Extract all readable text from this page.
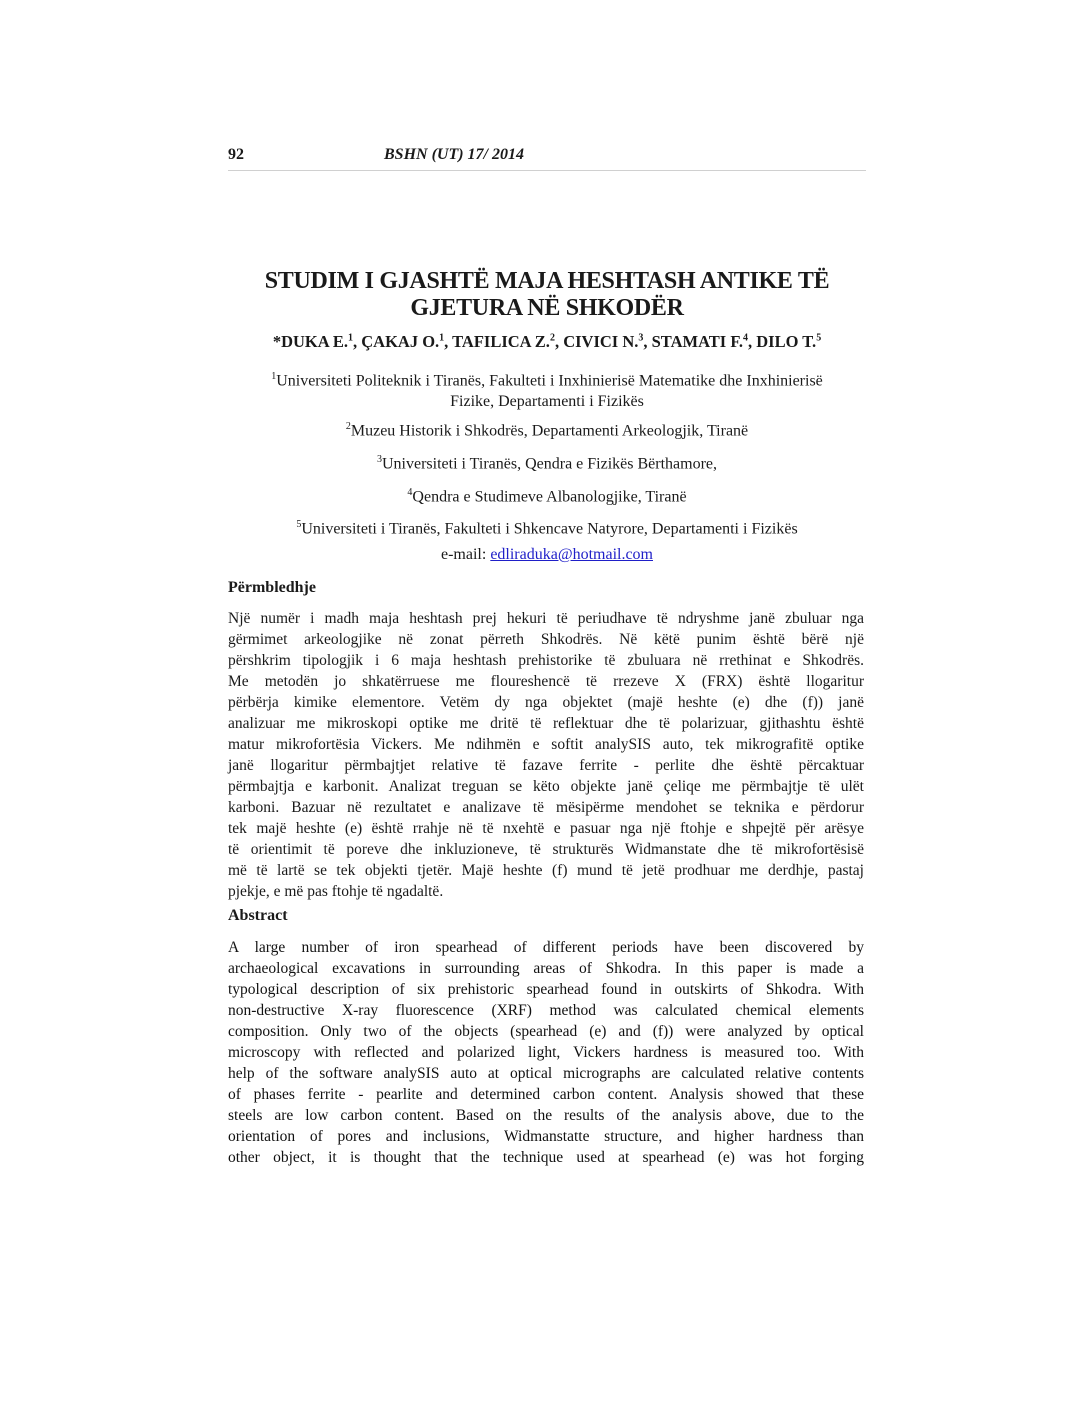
92	BSHN (UT) 17/ 2014
STUDIM I GJASHTË MAJA HESHTASH ANTIKE TË
GJETURA NË SHKODËR
*DUKA E.$^1$, ÇAKAJ O.$^1$, TAFILICA Z.$^2$, CIVICI N.$^3$, STAMATI F.$^4$, DILO T.$^5$
$^1$Universiteti Politeknik i Tiranës, Fakulteti i Inxhinierisë Matematike dhe Inxhinierisë
Fizike, Departamenti i Fizikës
$^2$Muzeu Historik i Shkodrës, Departamenti Arkeologjik, Tiranë
$^3$Universiteti i Tiranës, Qendra e Fizikës Bërthamore,
$^4$Qendra e Studimeve Albanologjike, Tiranë
$^5$Universiteti i Tiranës, Fakulteti i Shkencave Natyrore, Departamenti i Fizikës
e-mail: edliraduka@hotmail.com
Përmbledhje
Një numër i madh maja heshtash prej hekuri të periudhave të ndryshme janë zbuluar nga
gërmimet arkeologjike në zonat përreth Shkodrës. Në këtë punim është bërë një
përshkrim tipologjik i 6 maja heshtash prehistorike të zbuluara në rrethinat e Shkodrës.
Me metodën jo shkatërruese me floureshencë të rrezeve X (FRX) është llogaritur
përbërja kimike elementore. Vetëm dy nga objektet (majë heshte (e) dhe (f)) janë
analizuar me mikroskopi optike me dritë të reflektuar dhe të polarizuar, gjithashtu është
matur mikrofortësia Vickers. Me ndihmën e softit analySIS auto, tek mikrografitë optike
janë llogaritur përmbajtjet relative të fazave ferrite - perlite dhe është përcaktuar
përmbajtja e karbonit. Analizat treguan se këto objekte janë çeliqe me përmbajtje të ulët
karboni. Bazuar në rezultatet e analizave të mësipërme mendohet se teknika e përdorur
tek majë heshte (e) është rrahje në të nxehtë e pasuar nga një ftohje e shpejtë për arësye
të orientimit të poreve dhe inkluzioneve, të strukturës Widmanstate dhe të mikrofortësisë
më të lartë se tek objekti tjetër. Majë heshte (f) mund të jetë prodhuar me derdhje, pastaj
pjekje, e më pas ftohje të ngadaltë.
Abstract
A large number of iron spearhead of different periods have been discovered by
archaeological excavations in surrounding areas of Shkodra. In this paper is made a
typological description of six prehistoric spearhead found in outskirts of Shkodra. With
non-destructive X-ray fluorescence (XRF) method was calculated chemical elements
composition. Only two of the objects (spearhead (e) and (f)) were analyzed by optical
microscopy with reflected and polarized light, Vickers hardness is measured too. With
help of the software analySIS auto at optical micrographs are calculated relative contents
of phases ferrite - pearlite and determined carbon content. Analysis showed that these
steels are low carbon content. Based on the results of the analysis above, due to the
orientation of pores and inclusions, Widmanstatte structure, and higher hardness than
other object, it is thought that the technique used at spearhead (e) was hot forging
